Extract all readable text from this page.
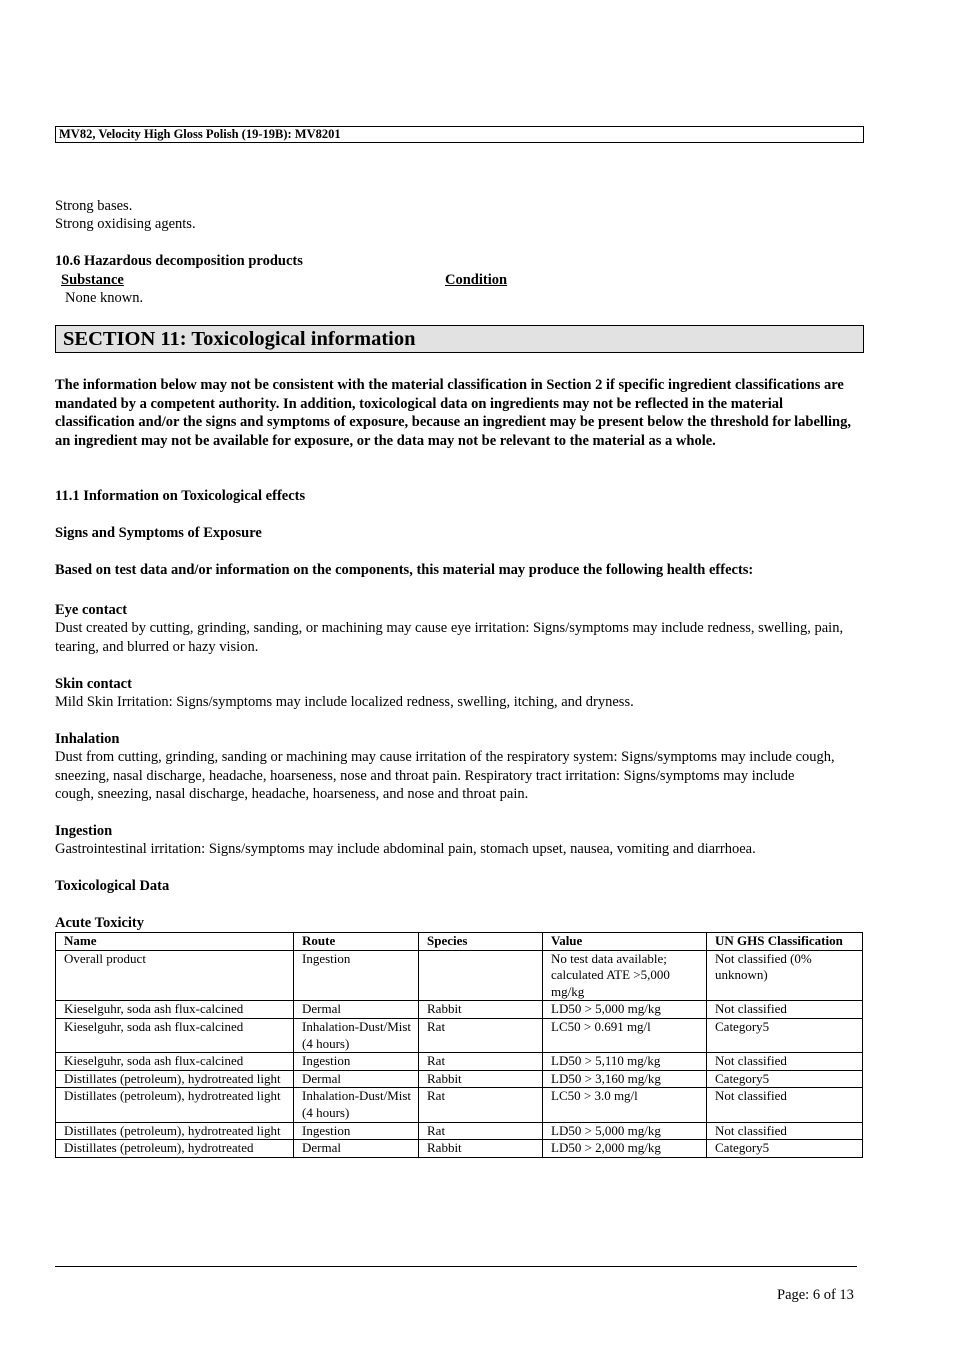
MV82, Velocity High Gloss Polish (19-19B): MV8201
Strong bases.
Strong oxidising agents.
10.6 Hazardous decomposition products
Substance	Condition
None known.
SECTION 11: Toxicological information
The information below may not be consistent with the material classification in Section 2 if specific ingredient classifications are mandated by a competent authority. In addition, toxicological data on ingredients may not be reflected in the material classification and/or the signs and symptoms of exposure, because an ingredient may be present below the threshold for labelling, an ingredient may not be available for exposure, or the data may not be relevant to the material as a whole.
11.1 Information on Toxicological effects
Signs and Symptoms of Exposure
Based on test data and/or information on the components, this material may produce the following health effects:
Eye contact
Dust created by cutting, grinding, sanding, or machining may cause eye irritation: Signs/symptoms may include redness, swelling, pain, tearing, and blurred or hazy vision.
Skin contact
Mild Skin Irritation: Signs/symptoms may include localized redness, swelling, itching, and dryness.
Inhalation
Dust from cutting, grinding, sanding or machining may cause irritation of the respiratory system: Signs/symptoms may include cough, sneezing, nasal discharge, headache, hoarseness, nose and throat pain. Respiratory tract irritation: Signs/symptoms may include cough, sneezing, nasal discharge, headache, hoarseness, and nose and throat pain.
Ingestion
Gastrointestinal irritation: Signs/symptoms may include abdominal pain, stomach upset, nausea, vomiting and diarrhoea.
Toxicological Data
Acute Toxicity
Name	Route	Species	Value	UN GHS Classification
Overall product	Ingestion		No test data available; calculated ATE >5,000 mg/kg	Not classified (0% unknown)
Kieselguhr, soda ash flux-calcined	Dermal	Rabbit	LD50 > 5,000 mg/kg	Not classified
Kieselguhr, soda ash flux-calcined	Inhalation-Dust/Mist (4 hours)	Rat	LC50 > 0.691 mg/l	Category5
Kieselguhr, soda ash flux-calcined	Ingestion	Rat	LD50 > 5,110 mg/kg	Not classified
Distillates (petroleum), hydrotreated light	Dermal	Rabbit	LD50 > 3,160 mg/kg	Category5
Distillates (petroleum), hydrotreated light	Inhalation-Dust/Mist (4 hours)	Rat	LC50 > 3.0 mg/l	Not classified
Distillates (petroleum), hydrotreated light	Ingestion	Rat	LD50 > 5,000 mg/kg	Not classified
Distillates (petroleum), hydrotreated	Dermal	Rabbit	LD50 > 2,000 mg/kg	Category5
Page: 6 of 13
